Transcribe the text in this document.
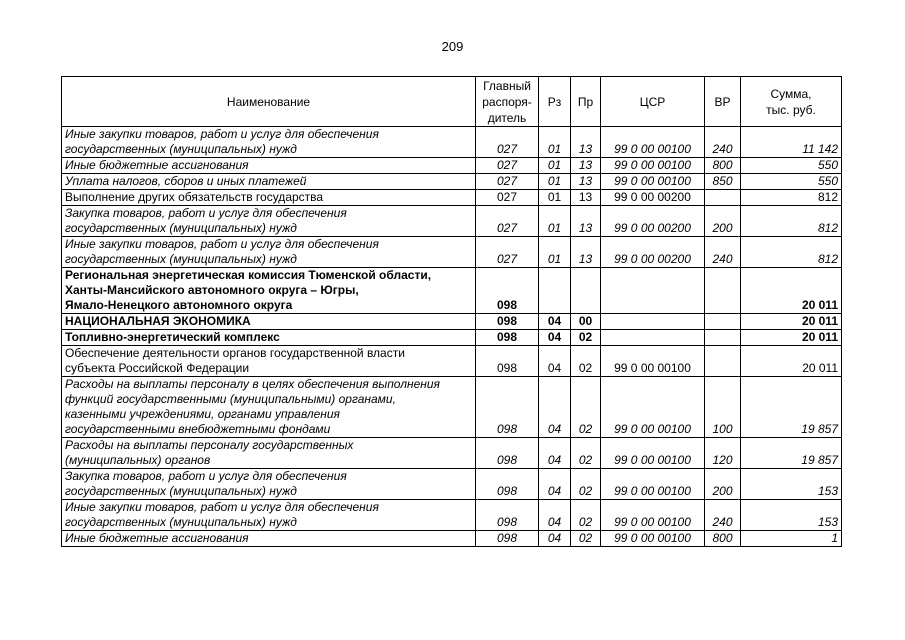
209
Наименование	Главный
распоря-
дитель	Рз	Пр	ЦСР	ВР	Сумма,
тыс. руб.
Иные закупки товаров, работ и услуг для обеспечения
государственных (муниципальных) нужд	027	01	13	99 0 00 00100	240	11 142
Иные бюджетные ассигнования	027	01	13	99 0 00 00100	800	550
Уплата налогов, сборов и иных платежей	027	01	13	99 0 00 00100	850	550
Выполнение других обязательств государства	027	01	13	99 0 00 00200		812
Закупка товаров, работ и услуг для обеспечения
государственных (муниципальных) нужд	027	01	13	99 0 00 00200	200	812
Иные закупки товаров, работ и услуг для обеспечения
государственных (муниципальных) нужд	027	01	13	99 0 00 00200	240	812
Региональная энергетическая комиссия Тюменской области,
Ханты-Мансийского автономного округа – Югры,
Ямало-Ненецкого автономного округа	098					20 011
НАЦИОНАЛЬНАЯ ЭКОНОМИКА	098	04	00			20 011
Топливно-энергетический комплекс	098	04	02			20 011
Обеспечение деятельности органов государственной власти
субъекта Российской Федерации	098	04	02	99 0 00 00100		20 011
Расходы на выплаты персоналу в целях обеспечения выполнения
функций государственными (муниципальными) органами,
казенными учреждениями, органами управления
государственными внебюджетными фондами	098	04	02	99 0 00 00100	100	19 857
Расходы на выплаты персоналу государственных
(муниципальных) органов	098	04	02	99 0 00 00100	120	19 857
Закупка товаров, работ и услуг для обеспечения
государственных (муниципальных) нужд	098	04	02	99 0 00 00100	200	153
Иные закупки товаров, работ и услуг для обеспечения
государственных (муниципальных) нужд	098	04	02	99 0 00 00100	240	153
Иные бюджетные ассигнования	098	04	02	99 0 00 00100	800	1
